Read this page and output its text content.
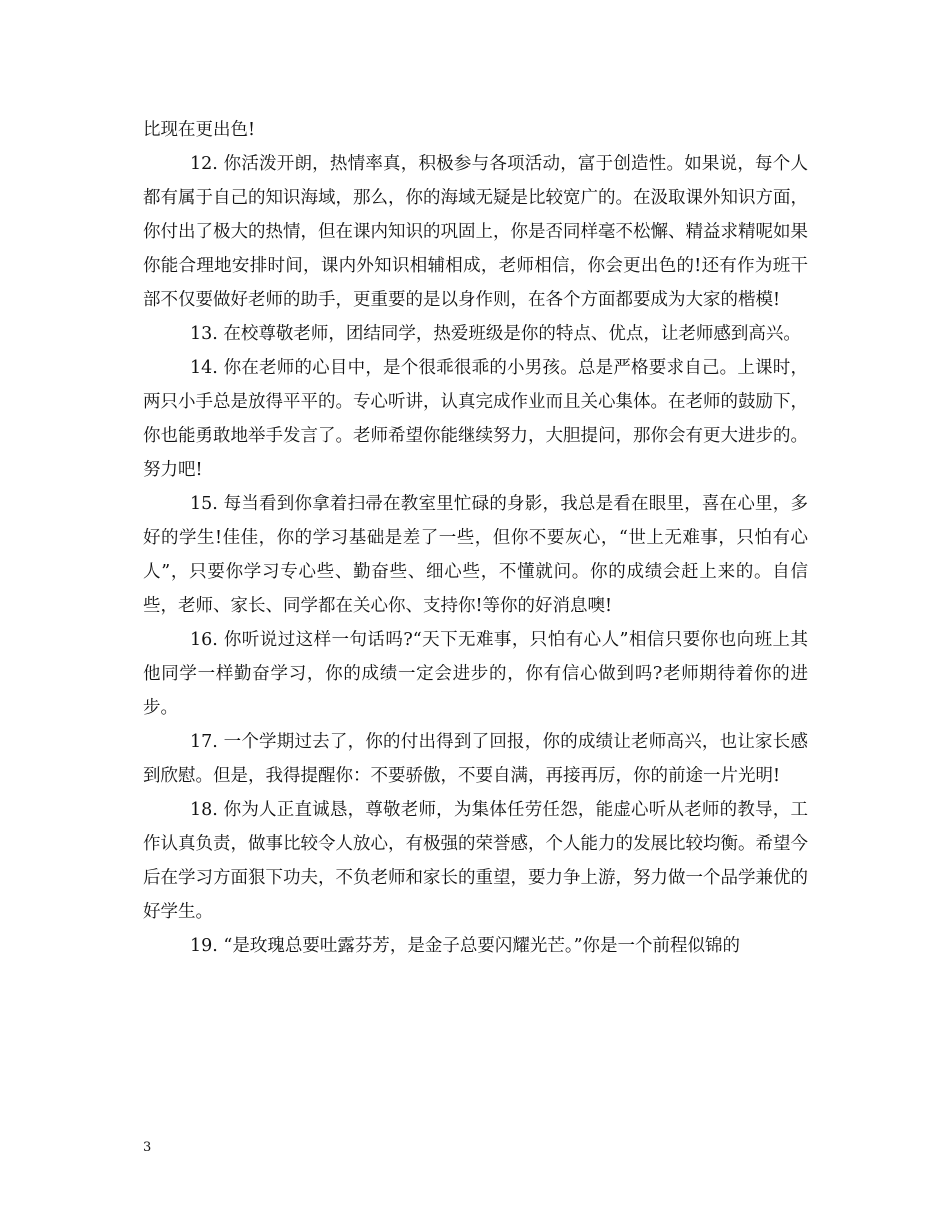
比现在更出色!

12. 你活泼开朗，热情率真，积极参与各项活动，富于创造性。如果说，每个人都有属于自己的知识海域，那么，你的海域无疑是比较宽广的。在汲取课外知识方面，你付出了极大的热情，但在课内知识的巩固上，你是否同样毫不松懈、精益求精呢如果你能合理地安排时间，课内外知识相辅相成，老师相信，你会更出色的!还有作为班干部不仅要做好老师的助手，更重要的是以身作则，在各个方面都要成为大家的楷模!

13. 在校尊敬老师，团结同学，热爱班级是你的特点、优点，让老师感到高兴。

14. 你在老师的心目中，是个很乖很乖的小男孩。总是严格要求自己。上课时，两只小手总是放得平平的。专心听讲，认真完成作业而且关心集体。在老师的鼓励下，你也能勇敢地举手发言了。老师希望你能继续努力，大胆提问，那你会有更大进步的。努力吧!

15. 每当看到你拿着扫帚在教室里忙碌的身影，我总是看在眼里，喜在心里，多好的学生!佳佳，你的学习基础是差了一些，但你不要灰心，“世上无难事，只怕有心人”，只要你学习专心些、勤奋些、细心些，不懂就问。你的成绩会赶上来的。自信些，老师、家长、同学都在关心你、支持你!等你的好消息噢!

16. 你听说过这样一句话吗?“天下无难事，只怕有心人”相信只要你也向班上其他同学一样勤奋学习，你的成绩一定会进步的，你有信心做到吗?老师期待着你的进步。

17. 一个学期过去了，你的付出得到了回报，你的成绩让老师高兴，也让家长感到欣慰。但是，我得提醒你：不要骄傲，不要自满，再接再厉，你的前途一片光明!

18. 你为人正直诚恳，尊敬老师，为集体任劳任怨，能虚心听从老师的教导，工作认真负责，做事比较令人放心，有极强的荣誉感，个人能力的发展比较均衡。希望今后在学习方面狠下功夫，不负老师和家长的重望，要力争上游，努力做一个品学兼优的好学生。

19. “是玫瑰总要吐露芬芳，是金子总要闪耀光芒。”你是一个前程似锦的

3
